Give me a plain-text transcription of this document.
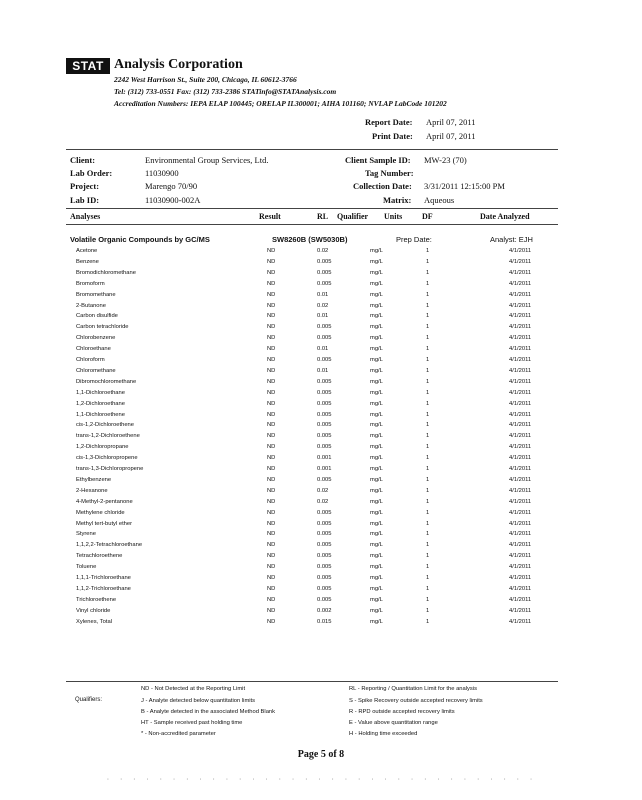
STAT Analysis Corporation
2242 West Harrison St., Suite 200, Chicago, IL 60612-3766
Tel: (312) 733-0551 Fax: (312) 733-2386 STATinfo@STATAnalysis.com
Accreditation Numbers: IEPA ELAP 100445; ORELAP IL300001; AIHA 101160; NVLAP LabCode 101202
Report Date: April 07, 2011
Print Date: April 07, 2011
Client:	Environmental Group Services, Ltd.	Client Sample ID: MW-23 (70)
Lab Order:	11030900	Tag Number:
Project:	Marengo 70/90	Collection Date: 3/31/2011 12:15:00 PM
Lab ID:	11030900-002A	Matrix: Aqueous
Analyses	Result	RL Qualifier Units DF	Date Analyzed
Volatile Organic Compounds by GC/MS	SW8260B (SW5030B)	Prep Date:	Analyst: EJH
Acetone	ND	0.02	mg/L	1	4/1/2011
Benzene	ND	0.005	mg/L	1	4/1/2011
Bromodichloromethane	ND	0.005	mg/L	1	4/1/2011
Bromoform	ND	0.005	mg/L	1	4/1/2011
Bromomethane	ND	0.01	mg/L	1	4/1/2011
2-Butanone	ND	0.02	mg/L	1	4/1/2011
Carbon disulfide	ND	0.01	mg/L	1	4/1/2011
Carbon tetrachloride	ND	0.005	mg/L	1	4/1/2011
Chlorobenzene	ND	0.005	mg/L	1	4/1/2011
Chloroethane	ND	0.01	mg/L	1	4/1/2011
Chloroform	ND	0.005	mg/L	1	4/1/2011
Chloromethane	ND	0.01	mg/L	1	4/1/2011
Dibromochloromethane	ND	0.005	mg/L	1	4/1/2011
1,1-Dichloroethane	ND	0.005	mg/L	1	4/1/2011
1,2-Dichloroethane	ND	0.005	mg/L	1	4/1/2011
1,1-Dichloroethene	ND	0.005	mg/L	1	4/1/2011
cis-1,2-Dichloroethene	ND	0.005	mg/L	1	4/1/2011
trans-1,2-Dichloroethene	ND	0.005	mg/L	1	4/1/2011
1,2-Dichloropropane	ND	0.005	mg/L	1	4/1/2011
cis-1,3-Dichloropropene	ND	0.001	mg/L	1	4/1/2011
trans-1,3-Dichloropropene	ND	0.001	mg/L	1	4/1/2011
Ethylbenzene	ND	0.005	mg/L	1	4/1/2011
2-Hexanone	ND	0.02	mg/L	1	4/1/2011
4-Methyl-2-pentanone	ND	0.02	mg/L	1	4/1/2011
Methylene chloride	ND	0.005	mg/L	1	4/1/2011
Methyl tert-butyl ether	ND	0.005	mg/L	1	4/1/2011
Styrene	ND	0.005	mg/L	1	4/1/2011
1,1,2,2-Tetrachloroethane	ND	0.005	mg/L	1	4/1/2011
Tetrachloroethene	ND	0.005	mg/L	1	4/1/2011
Toluene	ND	0.005	mg/L	1	4/1/2011
1,1,1-Trichloroethane	ND	0.005	mg/L	1	4/1/2011
1,1,2-Trichloroethane	ND	0.005	mg/L	1	4/1/2011
Trichloroethene	ND	0.005	mg/L	1	4/1/2011
Vinyl chloride	ND	0.002	mg/L	1	4/1/2011
Xylenes, Total	ND	0.015	mg/L	1	4/1/2011
Qualifiers:
ND - Not Detected at the Reporting Limit
J - Analyte detected below quantitation limits
B - Analyte detected in the associated Method Blank
HT - Sample received past holding time
* - Non-accredited parameter
RL - Reporting / Quantitation Limit for the analysis
S - Spike Recovery outside accepted recovery limits
R - RPD outside accepted recovery limits
E - Value above quantitation range
H - Holding time exceeded
Page 5 of 8
· · · · · · · · · · · · · · · · · · · · · · · · · · · · · · · · ·
